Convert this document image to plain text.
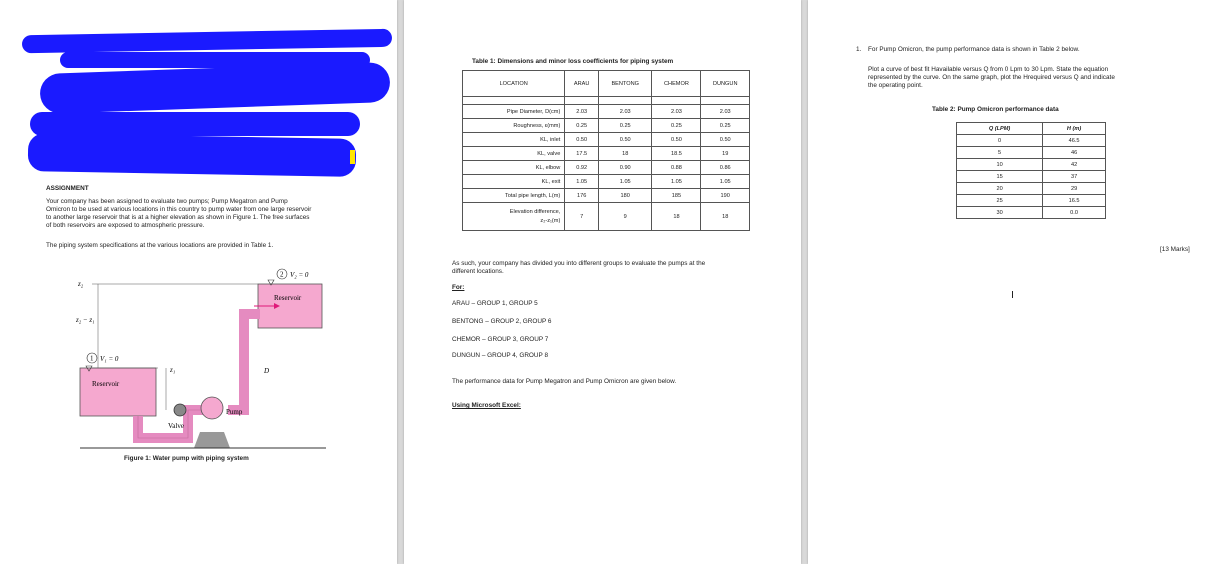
ASSIGNMENT
Your company has been assigned to evaluate two pumps; Pump Megatron and Pump
Omicron to be used at various locations in this country to pump water from one large reservoir
to another large reservoir that is at a higher elevation as shown in Figure 1. The free surfaces
of both reservoirs are exposed to atmospheric pressure.
The piping system specifications at the various locations are provided in Table 1.
2
1
V₂ = 0
V₁ = 0
z₂
z₂ − z₁
z₁
Reservoir
Reservoir
Pump
Valve
D
Figure 1: Water pump with piping system
Table 1: Dimensions and minor loss coefficients for piping system
LOCATION	ARAU	BENTONG	CHEMOR	DUNGUN

Pipe Diameter, D(cm)	2.03	2.03	2.03	2.03
Roughness, ε(mm)	0.25	0.25	0.25	0.25
KL, inlet	0.50	0.50	0.50	0.50
KL, valve	17.5	18	18.5	19
KL, elbow	0.92	0.90	0.88	0.86
KL, exit	1.05	1.05	1.05	1.05
Total pipe length, L(m)	176	180	185	190
Elevation difference,
z₂-z₁(m)	7	9	18	18
As such, your company has divided you into different groups to evaluate the pumps at the
different locations.
For:
ARAU – GROUP 1, GROUP 5
BENTONG – GROUP 2, GROUP 6
CHEMOR – GROUP 3, GROUP 7
DUNGUN – GROUP 4, GROUP 8
The performance data for Pump Megatron and Pump Omicron are given below.
Using Microsoft Excel:
1. For Pump Omicron, the pump performance data is shown in Table 2 below.
Plot a curve of best fit Havailable versus Q from 0 Lpm to 30 Lpm. State the equation
represented by the curve. On the same graph, plot the Hrequired versus Q and indicate
the operating point.
Table 2: Pump Omicron performance data
Q (LPM)	H (m)
0	46.5
5	46
10	42
15	37
20	29
25	16.5
30	0.0
[13 Marks]
